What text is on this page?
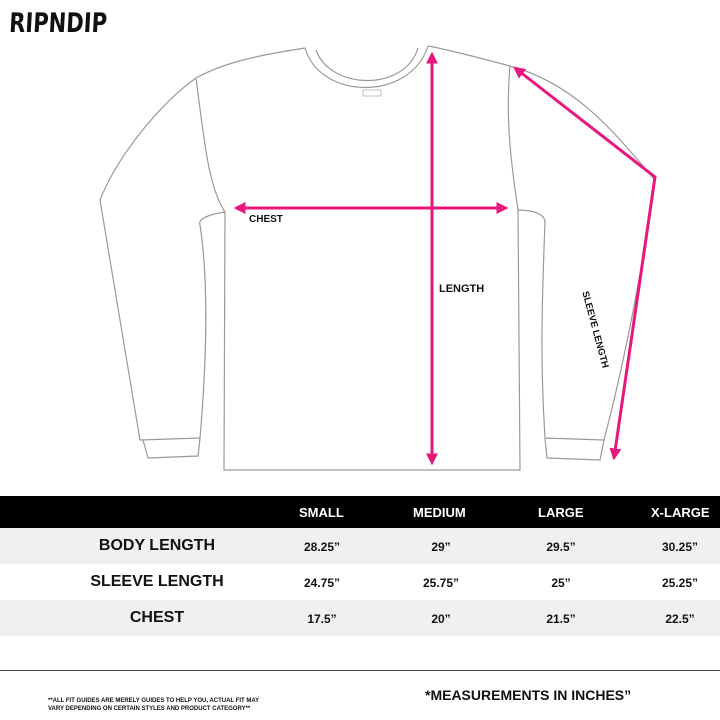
RIPNDIP
CHEST
LENGTH
SLEEVE LENGTH
SMALL	MEDIUM	LARGE	X-LARGE
BODY LENGTH	28.25”	29”	29.5”	30.25”
SLEEVE LENGTH	24.75”	25.75”	25”	25.25”
CHEST	17.5”	20”	21.5”	22.5”
**ALL FIT GUIDES ARE MERELY GUIDES TO HELP YOU, ACTUAL FIT MAY
VARY DEPENDING ON CERTAIN STYLES AND PRODUCT CATEGORY**
*MEASUREMENTS IN INCHES”
